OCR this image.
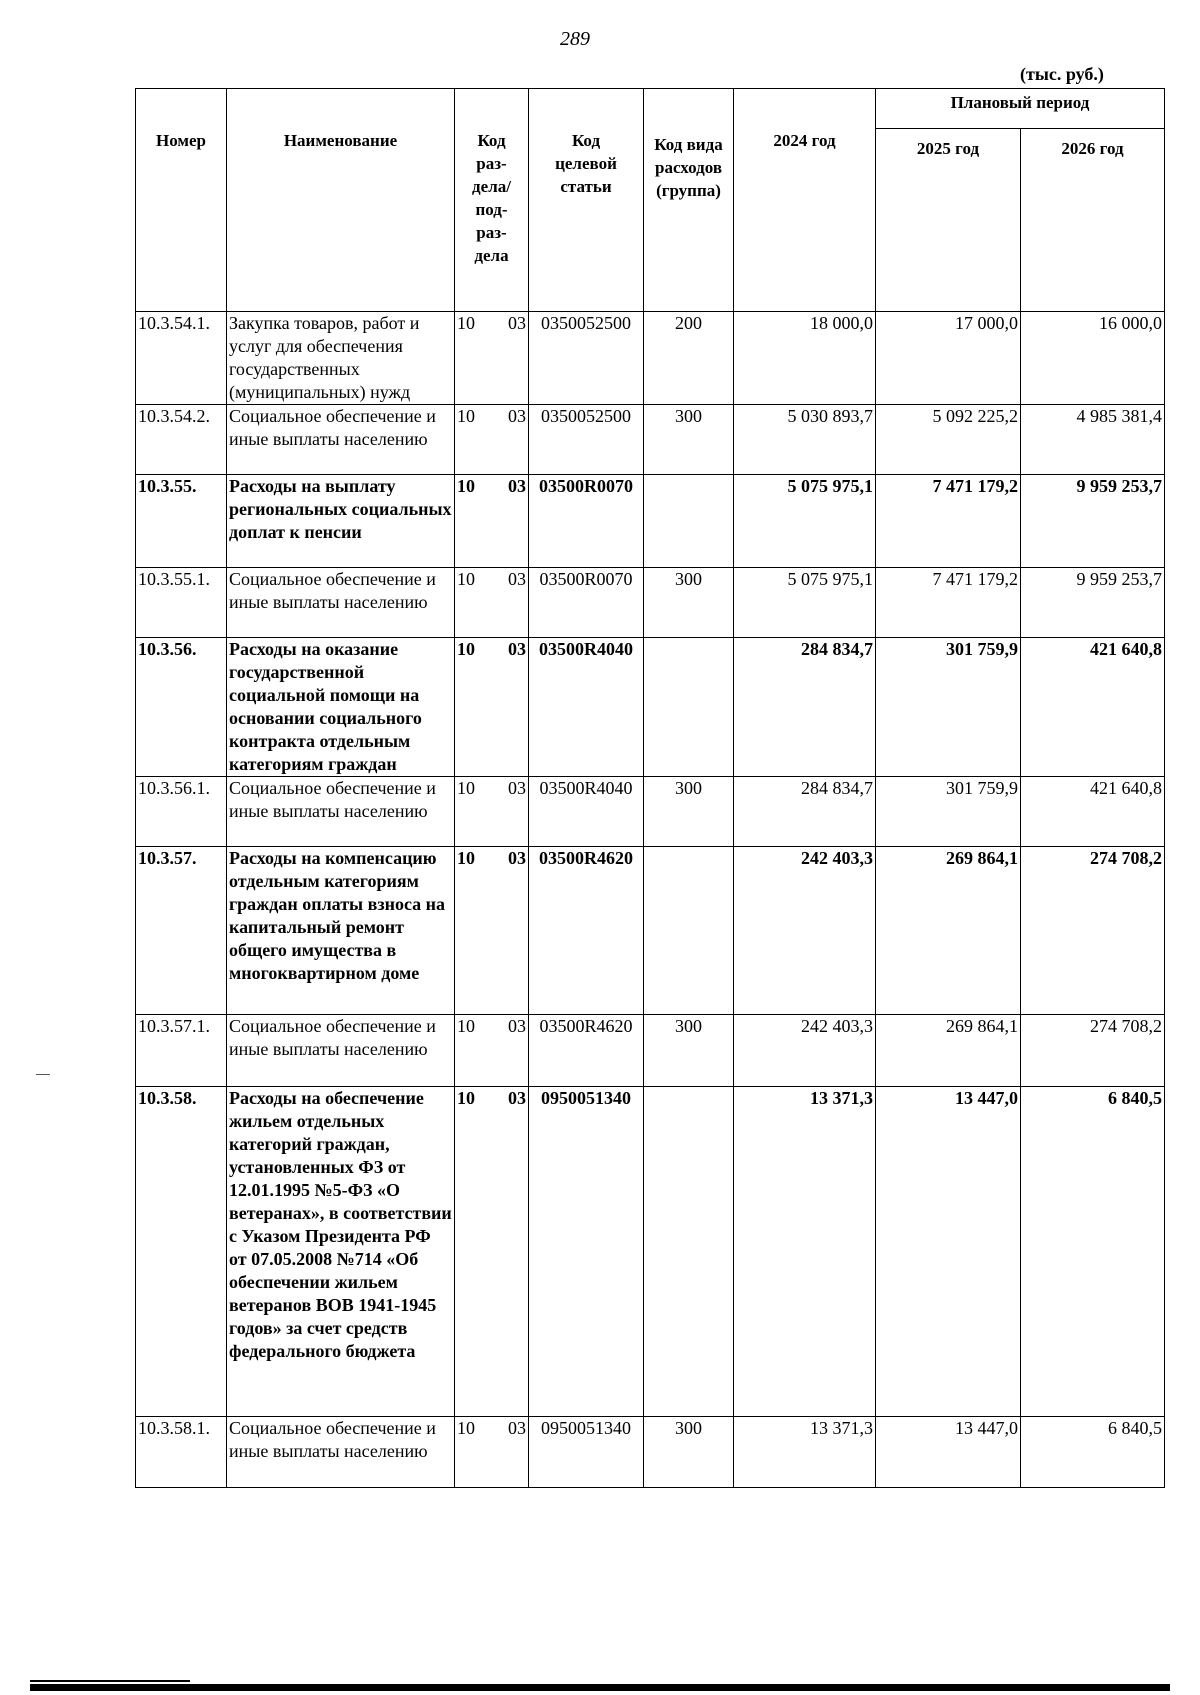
289
(тыс. руб.)
Номер	Наименование	Код раз-дела/ под-раз-дела	Код целевой статьи	Код вида расходов (группа)	2024 год	Плановый период	
						2025 год	2026 год
10.3.54.1.	Закупка товаров, работ и услуг для обеспечения государственных (муниципальных) нужд	10 03	0350052500	200	18 000,0	17 000,0	16 000,0
10.3.54.2.	Социальное обеспечение и иные выплаты населению	10 03	0350052500	300	5 030 893,7	5 092 225,2	4 985 381,4
10.3.55.	Расходы на выплату региональных социальных доплат к пенсии	10 03	03500R0070		5 075 975,1	7 471 179,2	9 959 253,7
10.3.55.1.	Социальное обеспечение и иные выплаты населению	10 03	03500R0070	300	5 075 975,1	7 471 179,2	9 959 253,7
10.3.56.	Расходы на оказание государственной социальной помощи на основании социального контракта отдельным категориям граждан	10 03	03500R4040		284 834,7	301 759,9	421 640,8
10.3.56.1.	Социальное обеспечение и иные выплаты населению	10 03	03500R4040	300	284 834,7	301 759,9	421 640,8
10.3.57.	Расходы на компенсацию отдельным категориям граждан оплаты взноса на капитальный ремонт общего имущества в многоквартирном доме	10 03	03500R4620		242 403,3	269 864,1	274 708,2
10.3.57.1.	Социальное обеспечение и иные выплаты населению	10 03	03500R4620	300	242 403,3	269 864,1	274 708,2
10.3.58.	Расходы на обеспечение жильем отдельных категорий граждан, установленных ФЗ от 12.01.1995 №5-ФЗ «О ветеранах», в соответствии с Указом Президента РФ от 07.05.2008 №714 «Об обеспечении жильем ветеранов ВОВ 1941-1945 годов» за счет средств федерального бюджета	10 03	0950051340		13 371,3	13 447,0	6 840,5
10.3.58.1.	Социальное обеспечение и иные выплаты населению	10 03	0950051340	300	13 371,3	13 447,0	6 840,5
